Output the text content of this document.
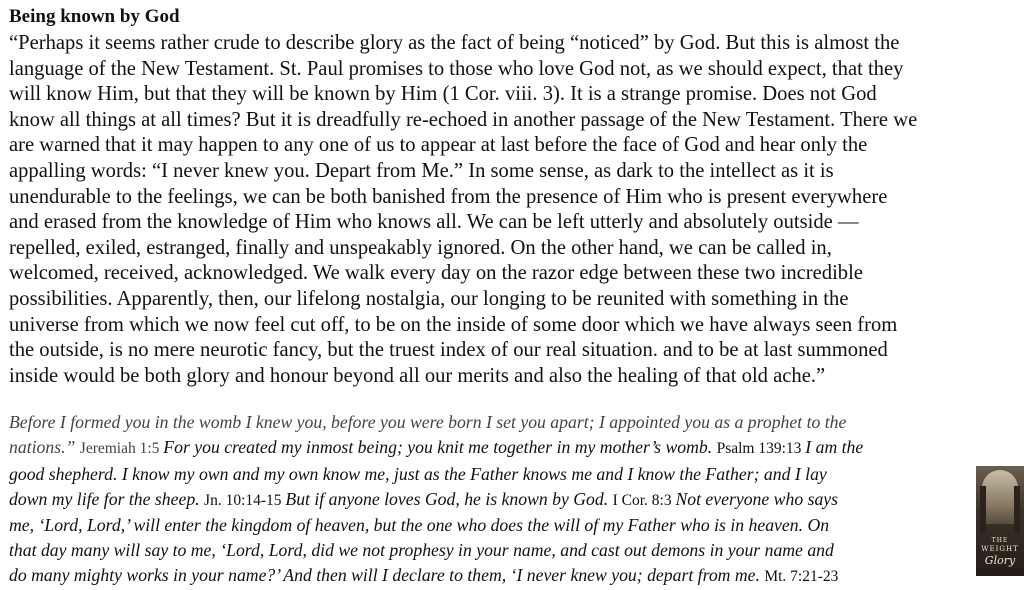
Being known by God
“Perhaps it seems rather crude to describe glory as the fact of being “noticed” by God. But this is almost the
language of the New Testament. St. Paul promises to those who love God not, as we should expect, that they
will know Him, but that they will be known by Him (1 Cor. viii. 3). It is a strange promise. Does not God
know all things at all times? But it is dreadfully re-echoed in another passage of the New Testament. There we
are warned that it may happen to any one of us to appear at last before the face of God and hear only the
appalling words: “I never knew you. Depart from Me.” In some sense, as dark to the intellect as it is
unendurable to the feelings, we can be both banished from the presence of Him who is present everywhere
and erased from the knowledge of Him who knows all. We can be left utterly and absolutely outside —
repelled, exiled, estranged, finally and unspeakably ignored. On the other hand, we can be called in,
welcomed, received, acknowledged. We walk every day on the razor edge between these two incredible
possibilities. Apparently, then, our lifelong nostalgia, our longing to be reunited with something in the
universe from which we now feel cut off, to be on the inside of some door which we have always seen from
the outside, is no mere neurotic fancy, but the truest index of our real situation. and to be at last summoned
inside would be both glory and honour beyond all our merits and also the healing of that old ache.”

Before I formed you in the womb I knew you, before you were born I set you apart; I appointed you as a prophet to the
nations.” Jeremiah 1:5 For you created my inmost being; you knit me together in my mother’s womb. Psalm 139:13 I am the
good shepherd. I know my own and my own know me, just as the Father knows me and I know the Father; and I lay
down my life for the sheep. Jn. 10:14-15 But if anyone loves God, he is known by God. I Cor. 8:3 Not everyone who says
me, ‘Lord, Lord,’ will enter the kingdom of heaven, but the one who does the will of my Father who is in heaven. On
that day many will say to me, ‘Lord, Lord, did we not prophesy in your name, and cast out demons in your name and
do many mighty works in your name?’ And then will I declare to them, ‘I never knew you; depart from me. Mt. 7:21-23

THE
WEIGHT
Glory
